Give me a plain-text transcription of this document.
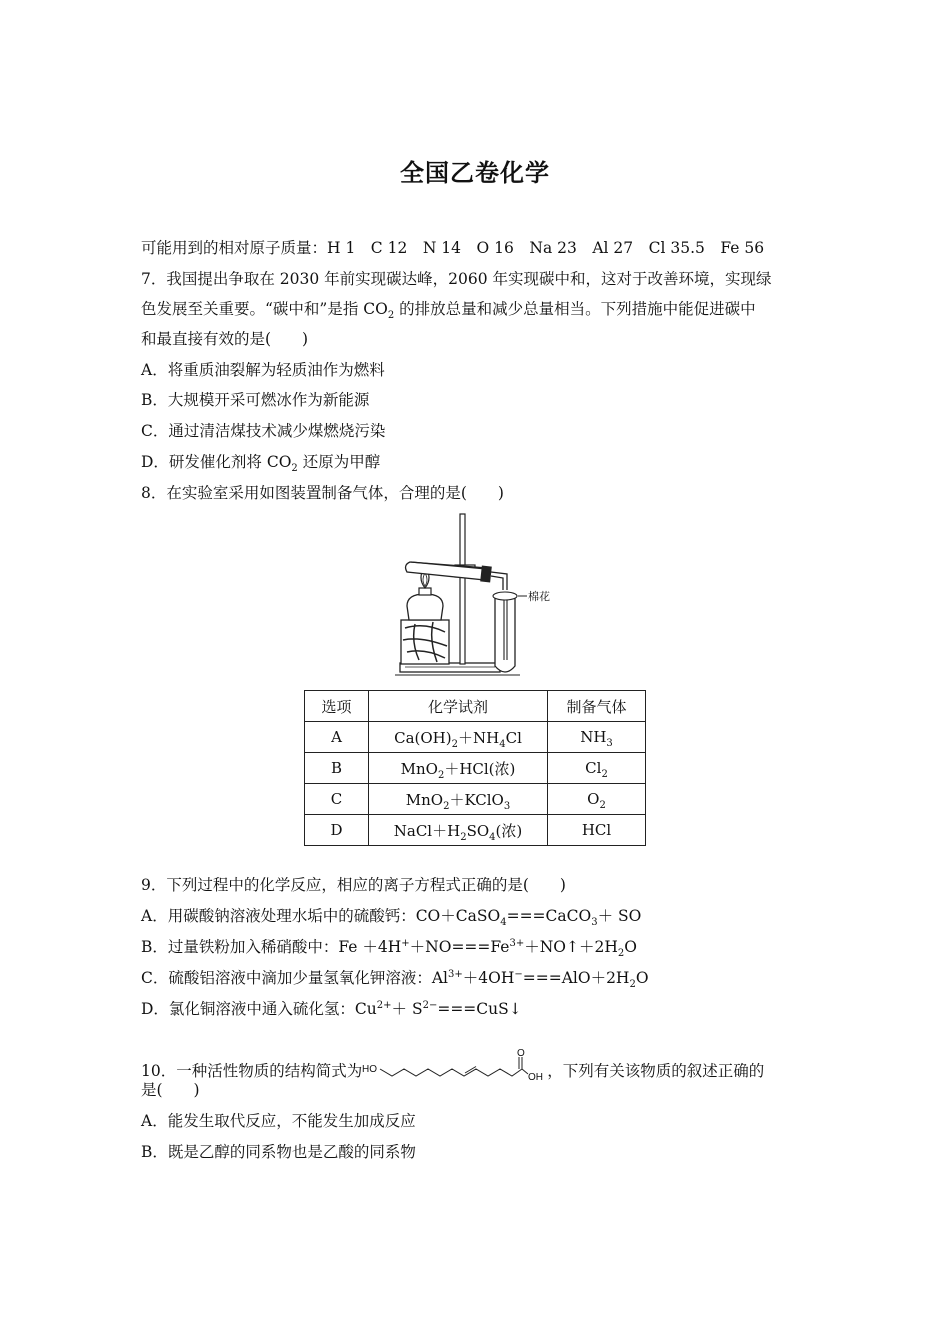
全国乙卷化学
可能用到的相对原子质量：H 1　C 12　N 14　O 16　Na 23　Al 27　Cl 35.5　Fe 56
7．我国提出争取在 2030 年前实现碳达峰，2060 年实现碳中和，这对于改善环境，实现绿
色发展至关重要。“碳中和”是指 $CO_2$ 的排放总量和减少总量相当。下列措施中能促进碳中
和最直接有效的是(　　)
A．将重质油裂解为轻质油作为燃料
B．大规模开采可燃冰作为新能源
C．通过清洁煤技术减少煤燃烧污染
D．研发催化剂将 $CO_2$ 还原为甲醇
8．在实验室采用如图装置制备气体，合理的是(　　)
棉花
选项	化学试剂	制备气体
A	$Ca(OH)_2+NH_4Cl$	$NH_3$
B	MnO$_2$＋HCl(浓)	$Cl_2$
C	MnO$_2$＋KClO$_3$	$O_2$
D	$NaCl+H_2SO_4$(浓)	HCl
9．下列过程中的化学反应，相应的离子方程式正确的是(　　)
A．用碳酸钠溶液处理水垢中的硫酸钙：CO＋CaSO$_4$===CaCO$_3$＋ SO
B．过量铁粉加入稀硝酸中：$Fe +4H^++NO===Fe^{3+}+NO↑+2H_2O$
C．硫酸铝溶液中滴加少量氢氧化钾溶液：$Al^{3+}+4OH^-===AlO+2H_2O$
D．氯化铜溶液中通入硫化氢：$Cu^{2+}+$ $S^{2-}===CuS↓$
10．一种活性物质的结构简式为 HO
O
OH ，下列有关该物质的叙述正确的
是(　　)
A．能发生取代反应，不能发生加成反应
B．既是乙醇的同系物也是乙酸的同系物
